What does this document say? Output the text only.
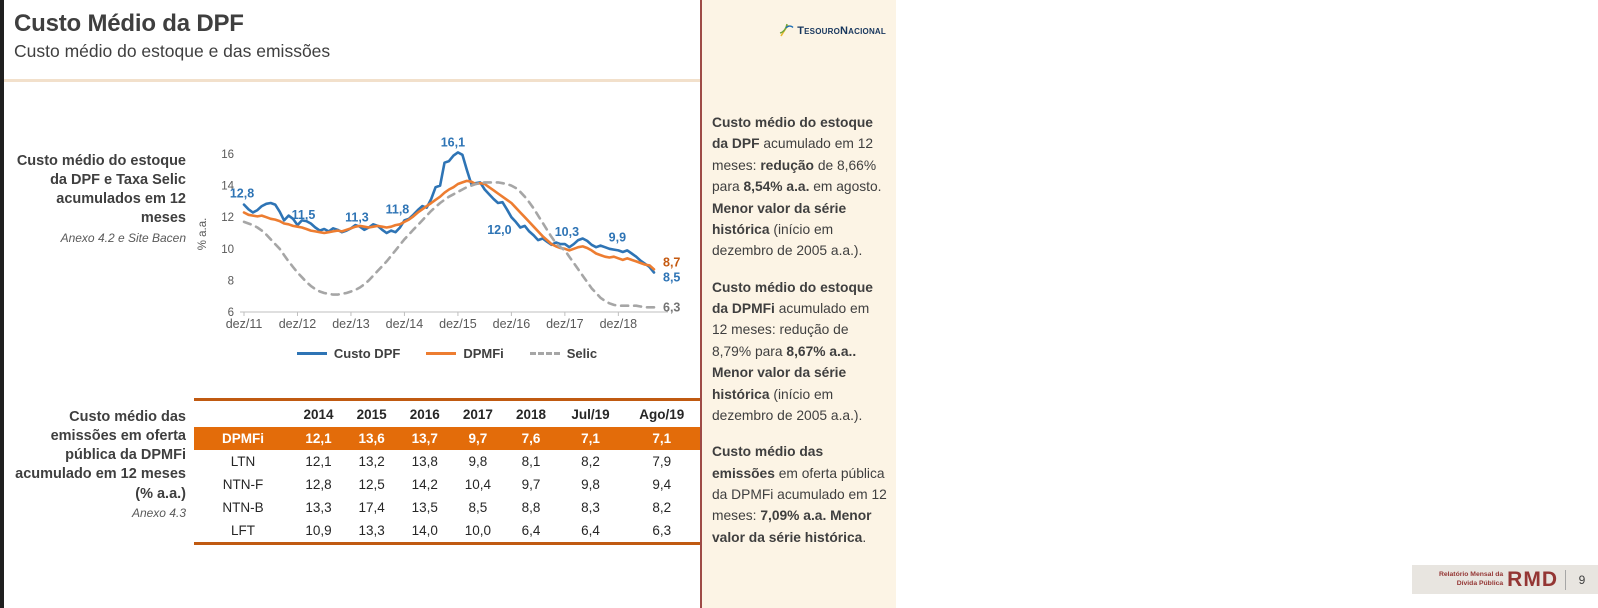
Custo Médio da DPF
Custo médio do estoque e das emissões
Custo médio do estoque da DPF e Taxa Selic acumulados em 12 meses
Anexo 4.2 e Site Bacen
dez/11 dez/12 dez/13 dez/14 dez/15 dez/16 dez/17 dez/18
6
8
10
12
14
16
% a.a.
12,8
11,5 11,3
11,8
16,1
12,0	10,3 9,9
8,5
8,7
6,3
Custo DPF	DPMFi	Selic
Custo médio das emissões em oferta pública da DPMFi acumulado em 12 meses (% a.a.)
Anexo 4.3
	2014	2015	2016	2017	2018	Jul/19	Ago/19
DPMFi	12,1	13,6	13,7	9,7	7,6	7,1	7,1
LTN	12,1	13,2	13,8	9,8	8,1	8,2	7,9
NTN-F	12,8	12,5	14,2	10,4	9,7	9,8	9,4
NTN-B	13,3	17,4	13,5	8,5	8,8	8,3	8,2
LFT	10,9	13,3	14,0	10,0	6,4	6,4	6,3
TesouroNacional

Custo médio do estoque da DPF acumulado em 12 meses: redução de 8,66% para 8,54% a.a. em agosto. Menor valor da série histórica (início em dezembro de 2005 a.a.).

Custo médio do estoque da DPMFi acumulado em 12 meses: redução de 8,79% para 8,67% a.a.. Menor valor da série histórica (início em dezembro de 2005 a.a.).

Custo médio das emissões em oferta pública da DPMFi acumulado em 12 meses: 7,09% a.a. Menor valor da série histórica.

Relatório Mensal da
Dívida Pública RMD	9
